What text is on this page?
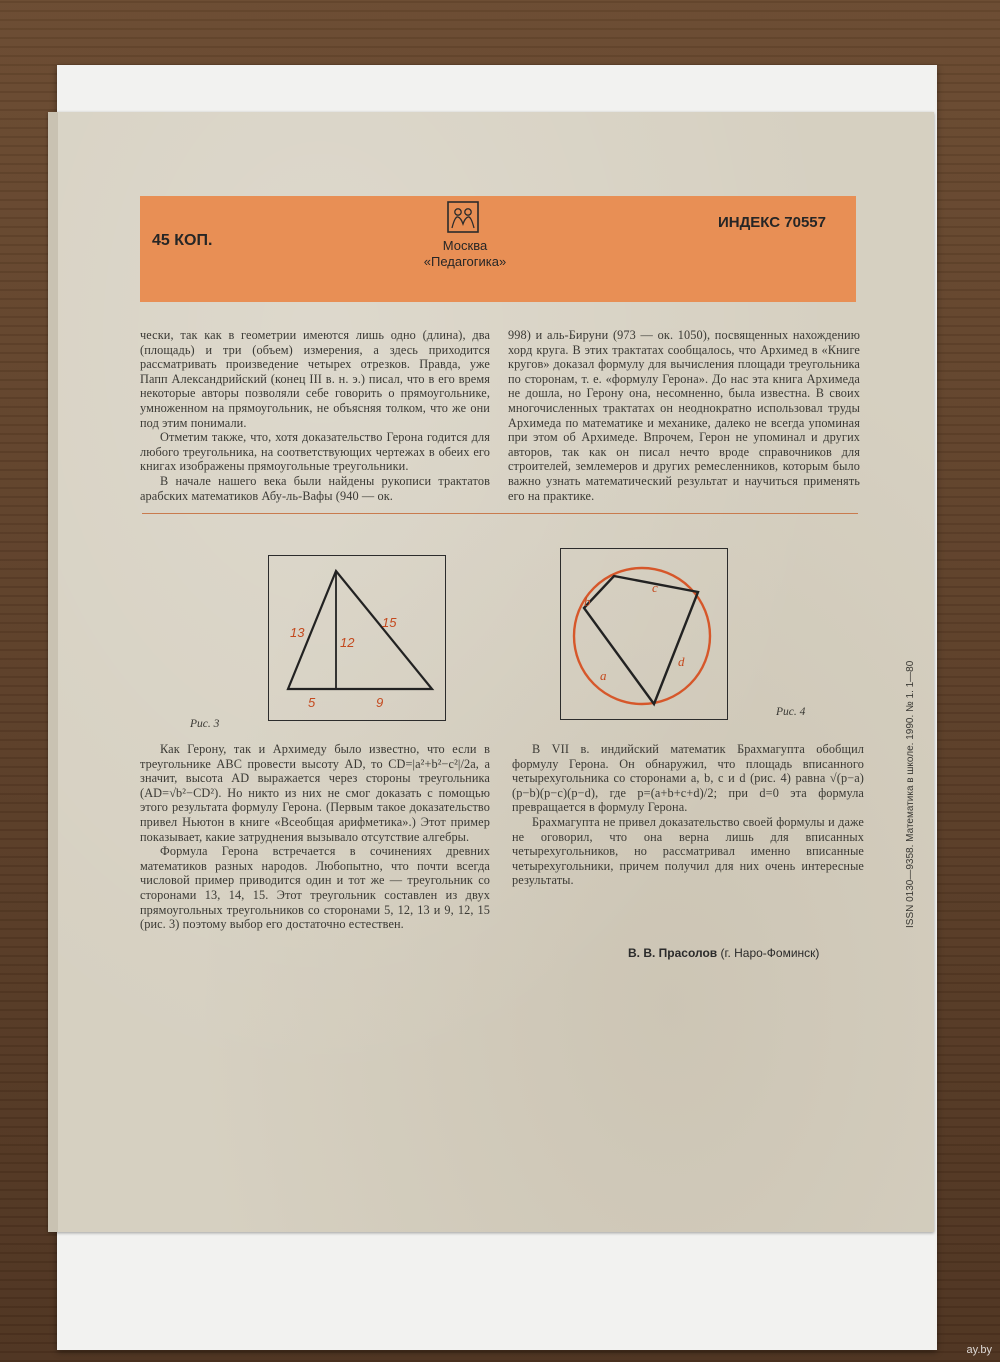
45 КОП.
ИНДЕКС 70557
Москва
«Педагогика»

чески, так как в геометрии имеются лишь одно (длина), два (площадь) и три (объем) измерения, а здесь приходится рассматривать произведение четырех отрезков. Правда, уже Папп Александрийский (конец III в. н. э.) писал, что в его время некоторые авторы позволяли себе говорить о прямоугольнике, умноженном на прямоугольник, не объясняя толком, что же они под этим понимали.

Отметим также, что, хотя доказательство Герона годится для любого треугольника, на соответствующих чертежах в обеих его книгах изображены прямоугольные треугольники.

В начале нашего века были найдены рукописи трактатов арабских математиков Абу-ль-Вафы (940 — ок.

998) и аль-Бируни (973 — ок. 1050), посвященных нахождению хорд круга. В этих трактатах сообщалось, что Архимед в «Книге кругов» доказал формулу для вычисления площади треугольника по сторонам, т. е. «формулу Герона». До нас эта книга Архимеда не дошла, но Герону она, несомненно, была известна. В своих многочисленных трактатах он неоднократно использовал труды Архимеда по математике и механике, далеко не всегда упоминая при этом об Архимеде. Впрочем, Герон не упоминал и других авторов, так как он писал нечто вроде справочников для строителей, землемеров и других ремесленников, которым было важно узнать математический результат и научиться применять его на практике.

13
12
15
5	9
Рис. 3
b
c
d
a
Рис. 4

Как Герону, так и Архимеду было известно, что если в треугольнике ABC провести высоту AD, то CD=|a²+b²−c²|/2a, а значит, высота AD выражается через стороны треугольника (AD=√b²−CD²). Но никто из них не смог доказать с помощью этого результата формулу Герона. (Первым такое доказательство привел Ньютон в книге «Всеобщая арифметика».) Этот пример показывает, какие затруднения вызывало отсутствие алгебры.

Формула Герона встречается в сочинениях древних математиков разных народов. Любопытно, что почти всегда числовой пример приводится один и тот же — треугольник со сторонами 13, 14, 15. Этот треугольник составлен из двух прямоугольных треугольников со сторонами 5, 12, 13 и 9, 12, 15 (рис. 3) поэтому выбор его достаточно естествен.

В VII в. индийский математик Брахмагупта обобщил формулу Герона. Он обнаружил, что площадь вписанного четырехугольника со сторонами a, b, c и d (рис. 4) равна √(p−a)(p−b)(p−c)(p−d), где p=(a+b+c+d)/2; при d=0 эта формула превращается в формулу Герона.

Брахмагупта не привел доказательство своей формулы и даже не оговорил, что она верна лишь для вписанных четырехугольников, но рассматривал именно вписанные четырехугольники, причем получил для них очень интересные результаты.

В. В. Прасолов (г. Наро-Фоминск)
ISSN 0130—9358. Математика в школе. 1990. № 1. 1—80
ay.by
